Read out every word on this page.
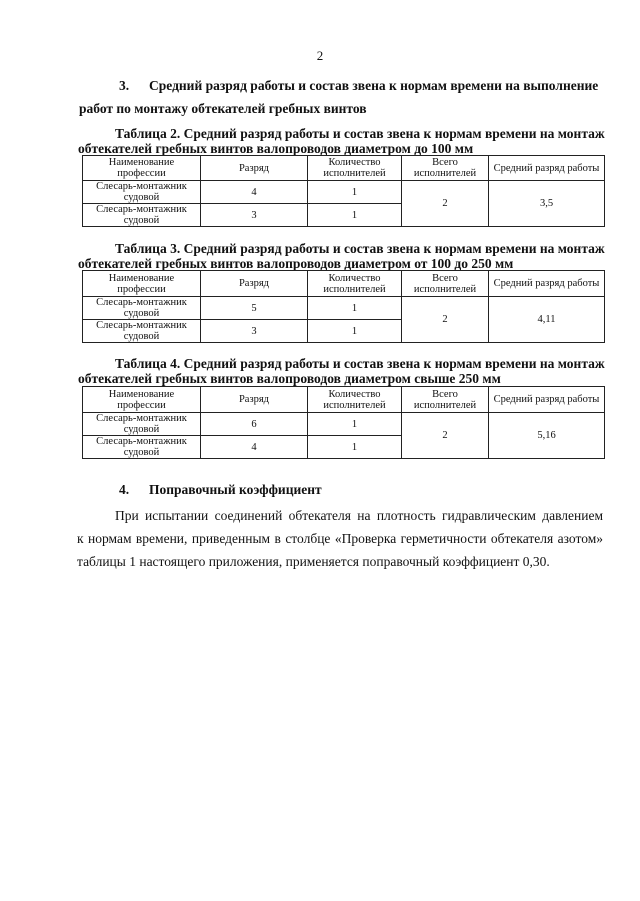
2
3. Средний разряд работы и состав звена к нормам времени на выполнение
работ по монтажу обтекателей гребных винтов
Таблица 2. Средний разряд работы и состав звена к нормам времени на монтаж
обтекателей гребных винтов валопроводов диаметром до 100 мм
Наименование профессии	Разряд	Количество исполнителей	Всего исполнителей	Средний разряд работы
Слесарь-монтажник судовой	4	1	2	3,5
Слесарь-монтажник судовой	3	1		
Таблица 3. Средний разряд работы и состав звена к нормам времени на монтаж
обтекателей гребных винтов валопроводов диаметром от 100 до 250 мм
Наименование профессии	Разряд	Количество исполнителей	Всего исполнителей	Средний разряд работы
Слесарь-монтажник судовой	5	1	2	4,11
Слесарь-монтажник судовой	3	1		
Таблица 4. Средний разряд работы и состав звена к нормам времени на монтаж
обтекателей гребных винтов валопроводов диаметром свыше 250 мм
Наименование профессии	Разряд	Количество исполнителей	Всего исполнителей	Средний разряд работы
Слесарь-монтажник судовой	6	1	2	5,16
Слесарь-монтажник судовой	4	1		
4. Поправочный коэффициент

При испытании соединений обтекателя на плотность гидравлическим давлением
к нормам времени, приведенным в столбце «Проверка герметичности обтекателя азотом»
таблицы 1 настоящего приложения, применяется поправочный коэффициент 0,30.
